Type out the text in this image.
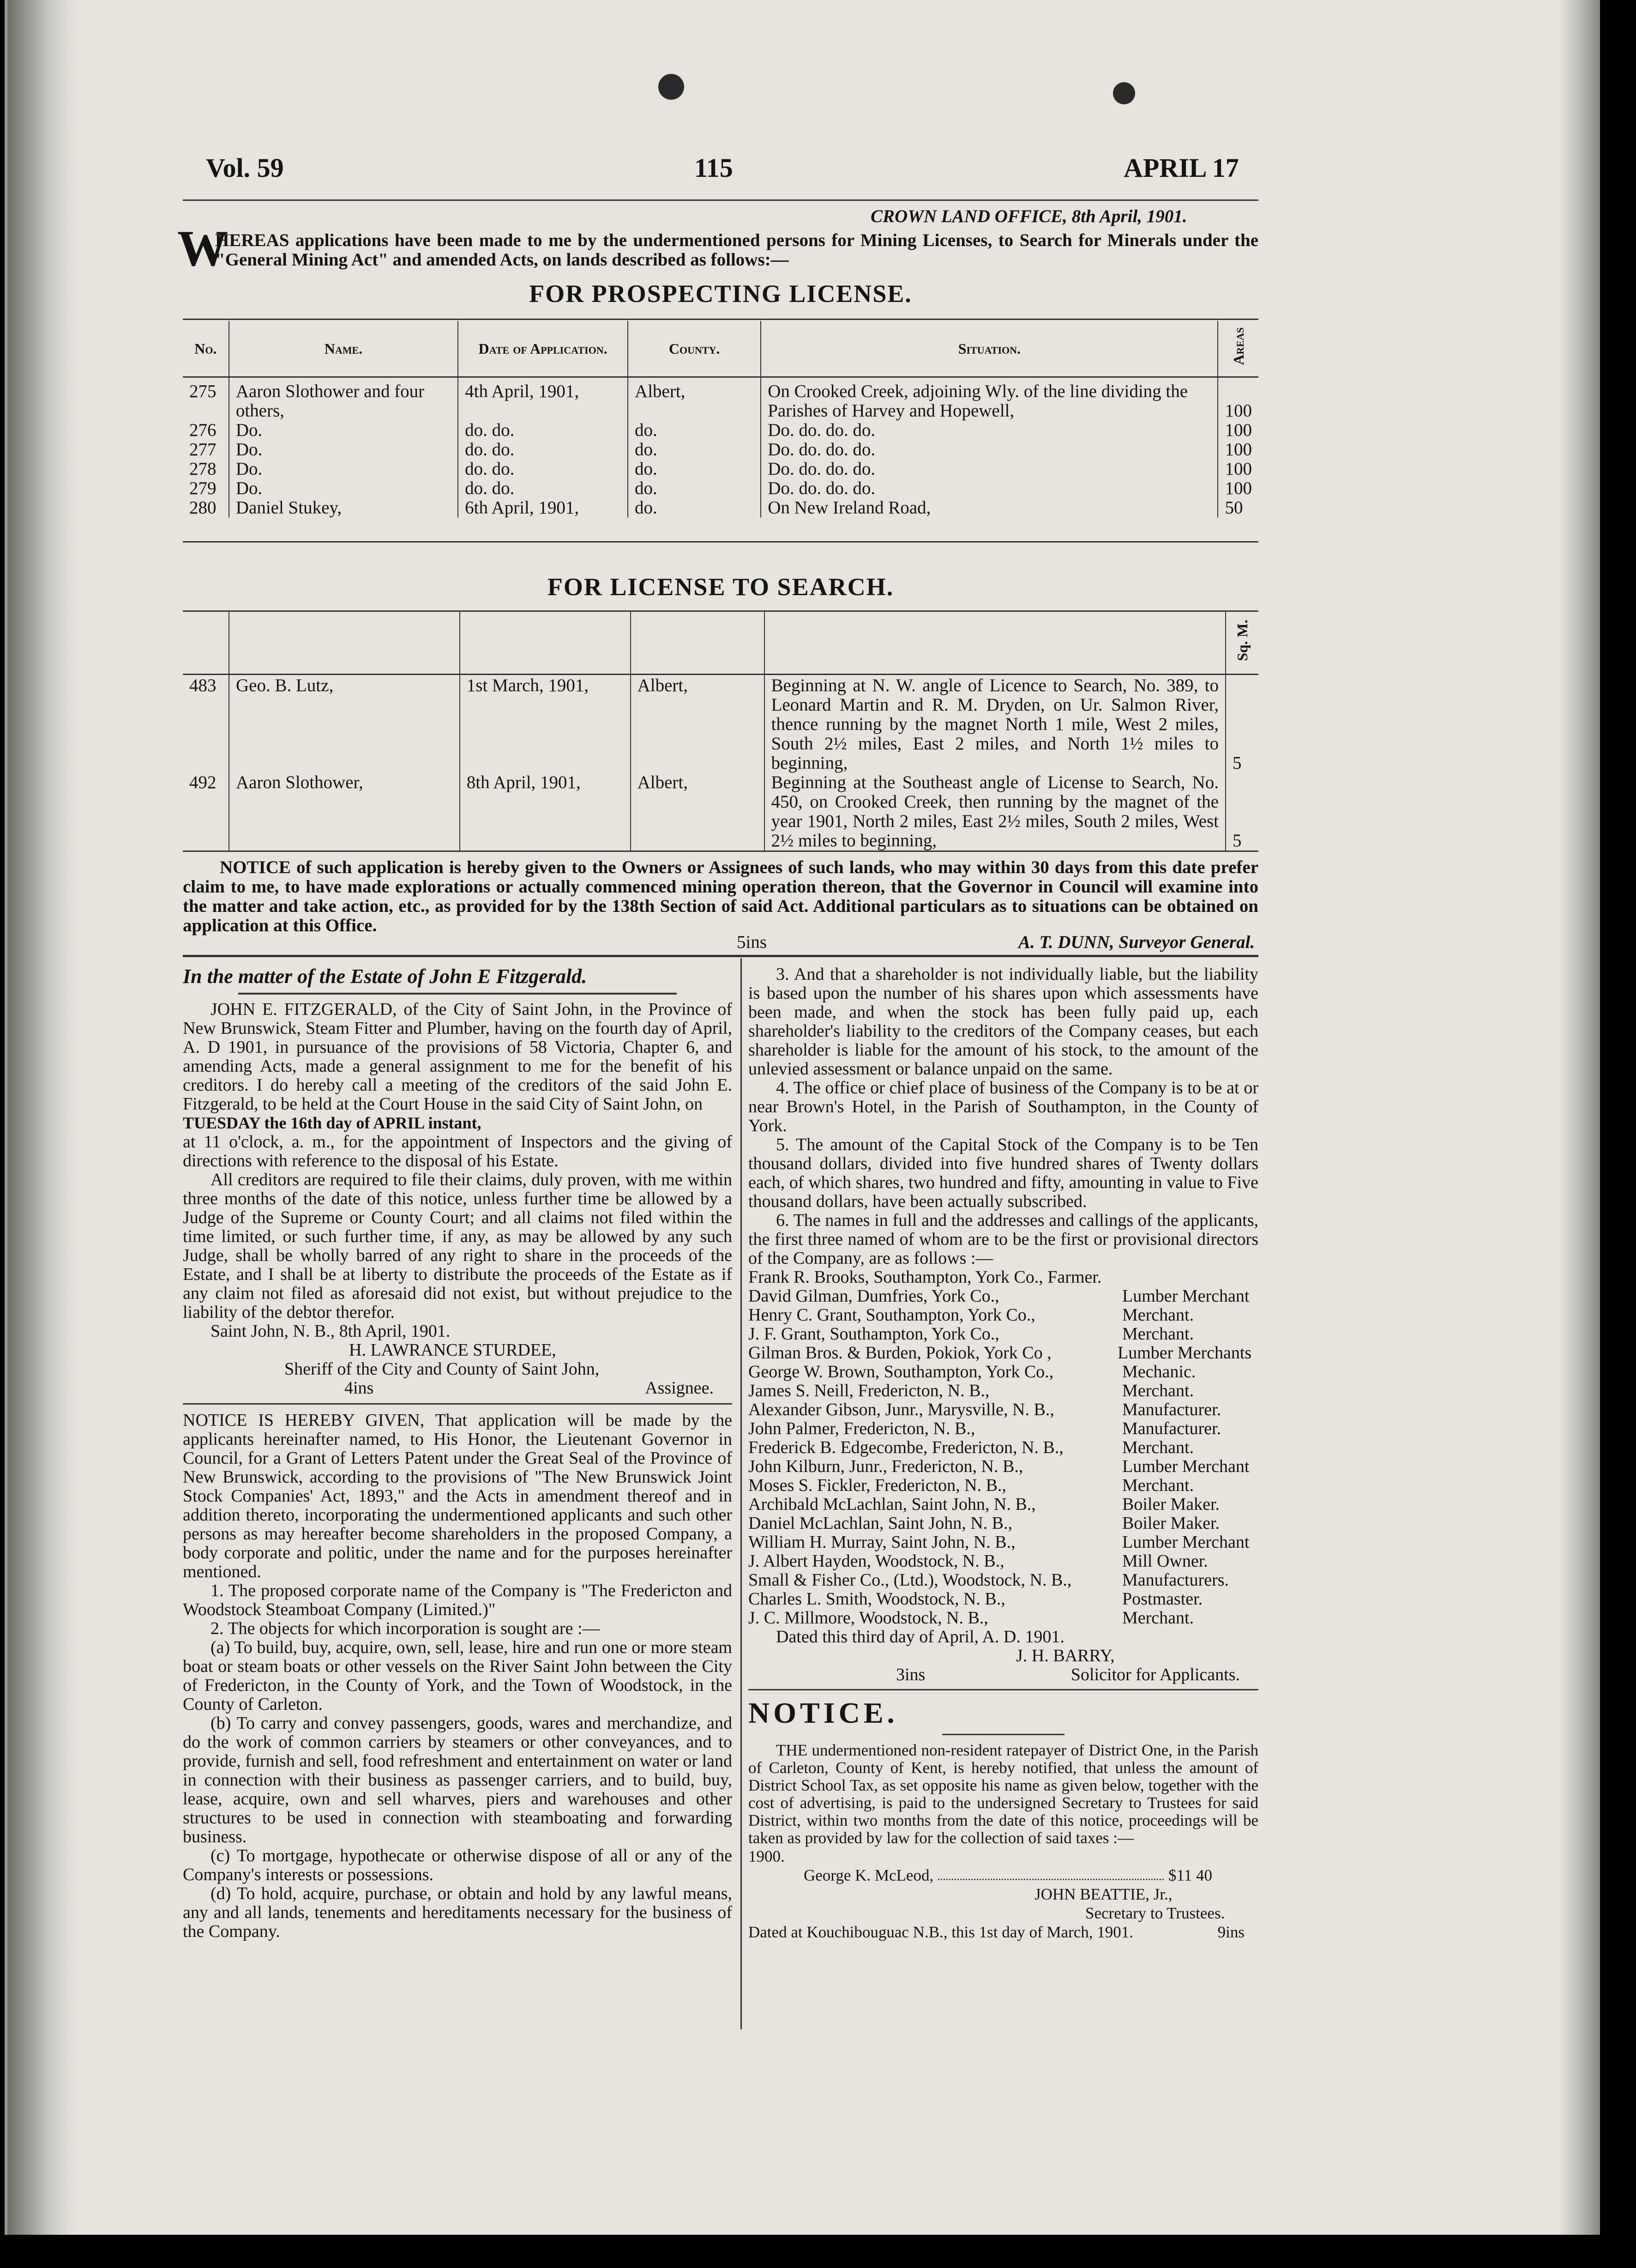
Vol. 59	115	APRIL 17
CROWN LAND OFFICE, 8th April, 1901.
W
HEREAS applications have been made to me by the undermentioned persons for Mining Licenses, to Search for Minerals under the "General Mining Act" and amended Acts, on lands described as follows:—
FOR PROSPECTING LICENSE.
No.	Name.	Date of Application.	County.	Situation.	Areas

275	Aaron Slothower and four others,	4th April, 1901,	Albert,	On Crooked Creek, adjoining Wly. of the line dividing the Parishes of Harvey and Hopewell,	100
276	Do.	do. do.	do.	Do. do. do. do.	100
277	Do.	do. do.	do.	Do. do. do. do.	100
278	Do.	do. do.	do.	Do. do. do. do.	100
279	Do.	do. do.	do.	Do. do. do. do.	100
280	Daniel Stukey,	6th April, 1901,	do.	On New Ireland Road,	50
FOR LICENSE TO SEARCH.
					Sq. M.

483	Geo. B. Lutz,	1st March, 1901,	Albert,	Beginning at N. W. angle of Licence to Search, No. 389, to Leonard Martin and R. M. Dryden, on Ur. Salmon River, thence running by the magnet North 1 mile, West 2 miles, South 2½ miles, East 2 miles, and North 1½ miles to beginning,	5
492	Aaron Slothower,	8th April, 1901,	Albert,	Beginning at the Southeast angle of License to Search, No. 450, on Crooked Creek, then running by the magnet of the year 1901, North 2 miles, East 2½ miles, South 2 miles, West 2½ miles to beginning,	5
NOTICE of such application is hereby given to the Owners or Assignees of such lands, who may within 30 days from this date prefer claim to me, to have made explorations or actually commenced mining operation thereon, that the Governor in Council will examine into the matter and take action, etc., as provided for by the 138th Section of said Act. Additional particulars as to situations can be obtained on application at this Office.
5ins	A. T. DUNN, Surveyor General.

In the matter of the Estate of John E Fitzgerald.

JOHN E. FITZGERALD, of the City of Saint John, in the Province of New Brunswick, Steam Fitter and Plumber, having on the fourth day of April, A. D 1901, in pursuance of the provisions of 58 Victoria, Chapter 6, and amending Acts, made a general assignment to me for the benefit of his creditors. I do hereby call a meeting of the creditors of the said John E. Fitzgerald, to be held at the Court House in the said City of Saint John, on

TUESDAY the 16th day of APRIL instant,

at 11 o'clock, a. m., for the appointment of Inspectors and the giving of directions with reference to the disposal of his Estate.

All creditors are required to file their claims, duly proven, with me within three months of the date of this notice, unless further time be allowed by a Judge of the Supreme or County Court; and all claims not filed within the time limited, or such further time, if any, as may be allowed by any such Judge, shall be wholly barred of any right to share in the proceeds of the Estate, and I shall be at liberty to distribute the proceeds of the Estate as if any claim not filed as aforesaid did not exist, but without prejudice to the liability of the debtor therefor.

Saint John, N. B., 8th April, 1901.

H. LAWRANCE STURDEE,

Sheriff of the City and County of Saint John,

4ins	Assignee.

NOTICE IS HEREBY GIVEN, That application will be made by the applicants hereinafter named, to His Honor, the Lieutenant Governor in Council, for a Grant of Letters Patent under the Great Seal of the Province of New Brunswick, according to the provisions of "The New Brunswick Joint Stock Companies' Act, 1893," and the Acts in amendment thereof and in addition thereto, incorporating the undermentioned applicants and such other persons as may hereafter become shareholders in the proposed Company, a body corporate and politic, under the name and for the purposes hereinafter mentioned.

1. The proposed corporate name of the Company is "The Fredericton and Woodstock Steamboat Company (Limited.)"

2. The objects for which incorporation is sought are :—

(a) To build, buy, acquire, own, sell, lease, hire and run one or more steam boat or steam boats or other vessels on the River Saint John between the City of Fredericton, in the County of York, and the Town of Woodstock, in the County of Carleton.

(b) To carry and convey passengers, goods, wares and merchandize, and do the work of common carriers by steamers or other conveyances, and to provide, furnish and sell, food refreshment and entertainment on water or land in connection with their business as passenger carriers, and to build, buy, lease, acquire, own and sell wharves, piers and warehouses and other structures to be used in connection with steamboating and forwarding business.

(c) To mortgage, hypothecate or otherwise dispose of all or any of the Company's interests or possessions.

(d) To hold, acquire, purchase, or obtain and hold by any lawful means, any and all lands, tenements and hereditaments necessary for the business of the Company.

3. And that a shareholder is not individually liable, but the liability is based upon the number of his shares upon which assessments have been made, and when the stock has been fully paid up, each shareholder's liability to the creditors of the Company ceases, but each shareholder is liable for the amount of his stock, to the amount of the unlevied assessment or balance unpaid on the same.

4. The office or chief place of business of the Company is to be at or near Brown's Hotel, in the Parish of Southampton, in the County of York.

5. The amount of the Capital Stock of the Company is to be Ten thousand dollars, divided into five hundred shares of Twenty dollars each, of which shares, two hundred and fifty, amounting in value to Five thousand dollars, have been actually subscribed.

6. The names in full and the addresses and callings of the applicants, the first three named of whom are to be the first or provisional directors of the Company, are as follows :—

Frank R. Brooks, Southampton, York Co., Farmer.
David Gilman, Dumfries, York Co.,	Lumber Merchant
Henry C. Grant, Southampton, York Co.,	Merchant.
J. F. Grant, Southampton, York Co.,	Merchant.
Gilman Bros. & Burden, Pokiok, York Co ,	Lumber Merchants
George W. Brown, Southampton, York Co.,	Mechanic.
James S. Neill, Fredericton, N. B.,	Merchant.
Alexander Gibson, Junr., Marysville, N. B.,	Manufacturer.
John Palmer, Fredericton, N. B.,	Manufacturer.
Frederick B. Edgecombe, Fredericton, N. B.,	Merchant.
John Kilburn, Junr., Fredericton, N. B.,	Lumber Merchant
Moses S. Fickler, Fredericton, N. B.,	Merchant.
Archibald McLachlan, Saint John, N. B.,	Boiler Maker.
Daniel McLachlan, Saint John, N. B.,	Boiler Maker.
William H. Murray, Saint John, N. B.,	Lumber Merchant
J. Albert Hayden, Woodstock, N. B.,	Mill Owner.
Small & Fisher Co., (Ltd.), Woodstock, N. B.,	Manufacturers.
Charles L. Smith, Woodstock, N. B.,	Postmaster.
J. C. Millmore, Woodstock, N. B.,	Merchant.

Dated this third day of April, A. D. 1901.

J. H. BARRY,

3ins	Solicitor for Applicants.

NOTICE.

THE undermentioned non-resident ratepayer of District One, in the Parish of Carleton, County of Kent, is hereby notified, that unless the amount of District School Tax, as set opposite his name as given below, together with the cost of advertising, is paid to the undersigned Secretary to Trustees for said District, within two months from the date of this notice, proceedings will be taken as provided by law for the collection of said taxes :—

1900.

George K. McLeod,	$11 40

JOHN BEATTIE, Jr.,

Secretary to Trustees.

Dated at Kouchibouguac N.B., this 1st day of March, 1901.	9ins
